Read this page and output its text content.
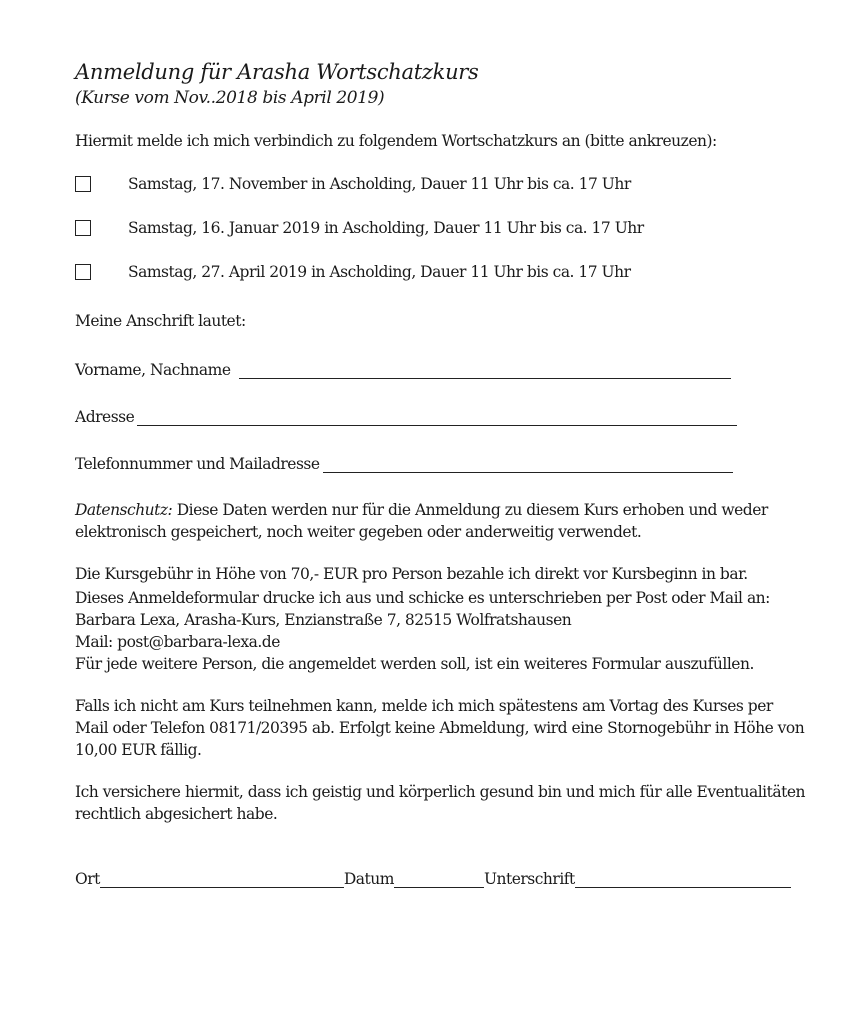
Anmeldung für Arasha Wortschatzkurs

(Kurse vom Nov..2018 bis April 2019)

Hiermit melde ich mich verbindich zu folgendem Wortschatzkurs an (bitte ankreuzen):
Samstag, 17. November in Ascholding, Dauer 11 Uhr bis ca. 17 Uhr
Samstag, 16. Januar 2019 in Ascholding, Dauer 11 Uhr bis ca. 17 Uhr
Samstag, 27. April 2019 in Ascholding, Dauer 11 Uhr bis ca. 17 Uhr
Meine Anschrift lautet:
Vorname, Nachname
Adresse
Telefonnummer und Mailadresse

Datenschutz: Diese Daten werden nur für die Anmeldung zu diesem Kurs erhoben und weder elektronisch gespeichert, noch weiter gegeben oder anderweitig verwendet.

Die Kursgebühr in Höhe von 70,- EUR pro Person bezahle ich direkt vor Kursbeginn in bar.

Dieses Anmeldeformular drucke ich aus und schicke es unterschrieben per Post oder Mail an:

Barbara Lexa, Arasha-Kurs, Enzianstraße 7, 82515 Wolfratshausen

Mail: post@barbara-lexa.de

Für jede weitere Person, die angemeldet werden soll, ist ein weiteres Formular auszufüllen.

Falls ich nicht am Kurs teilnehmen kann, melde ich mich spätestens am Vortag des Kurses per Mail oder Telefon 08171/20395 ab. Erfolgt keine Abmeldung, wird eine Stornogebühr in Höhe von 10,00 EUR fällig.

Ich versichere hiermit, dass ich geistig und körperlich gesund bin und mich für alle Eventualitäten rechtlich abgesichert habe.

Ort	Datum	Unterschrift
